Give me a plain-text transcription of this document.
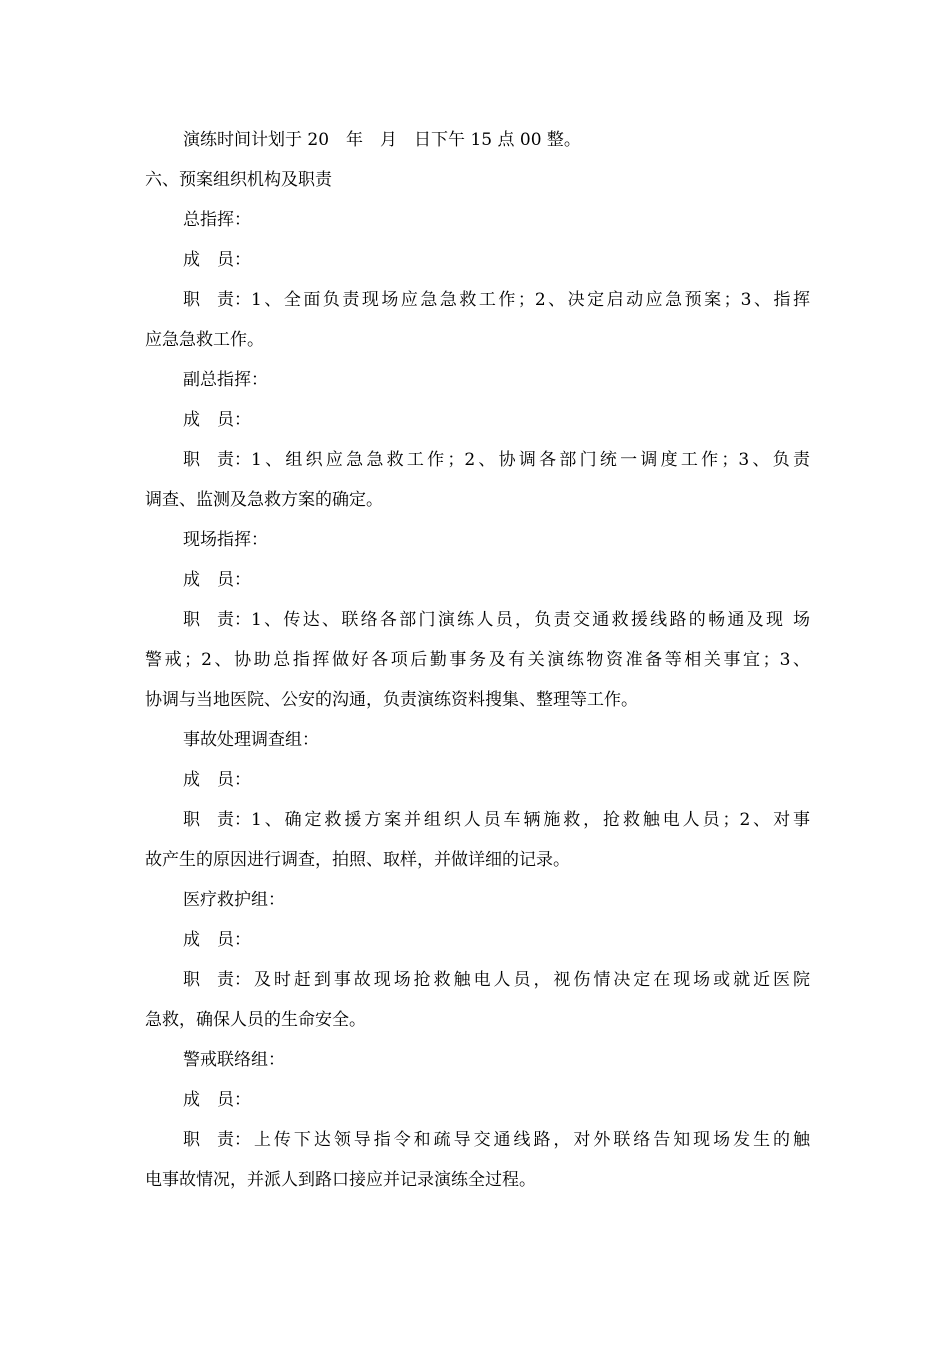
演练时间计划于 20　年　月　日下午 15 点 00 整。
六、预案组织机构及职责
总指挥：
成　员：
职　责：1、全面负责现场应急急救工作；2、决定启动应急预案；3、指挥
应急急救工作。
副总指挥：
成　员：
职　责：1、组织应急急救工作；2、协调各部门统一调度工作；3、负责
调查、监测及急救方案的确定。
现场指挥：
成　员：
职　责：1、传达、联络各部门演练人员，负责交通救援线路的畅通及现 场
警戒；2、协助总指挥做好各项后勤事务及有关演练物资准备等相关事宜；3、
协调与当地医院、公安的沟通，负责演练资料搜集、整理等工作。
事故处理调查组：
成　员：
职　责：1、确定救援方案并组织人员车辆施救，抢救触电人员；2、对事
故产生的原因进行调查，拍照、取样，并做详细的记录。
医疗救护组：
成　员：
职　责：及时赶到事故现场抢救触电人员，视伤情决定在现场或就近医院
急救，确保人员的生命安全。
警戒联络组：
成　员：
职　责：上传下达领导指令和疏导交通线路，对外联络告知现场发生的触
电事故情况，并派人到路口接应并记录演练全过程。
